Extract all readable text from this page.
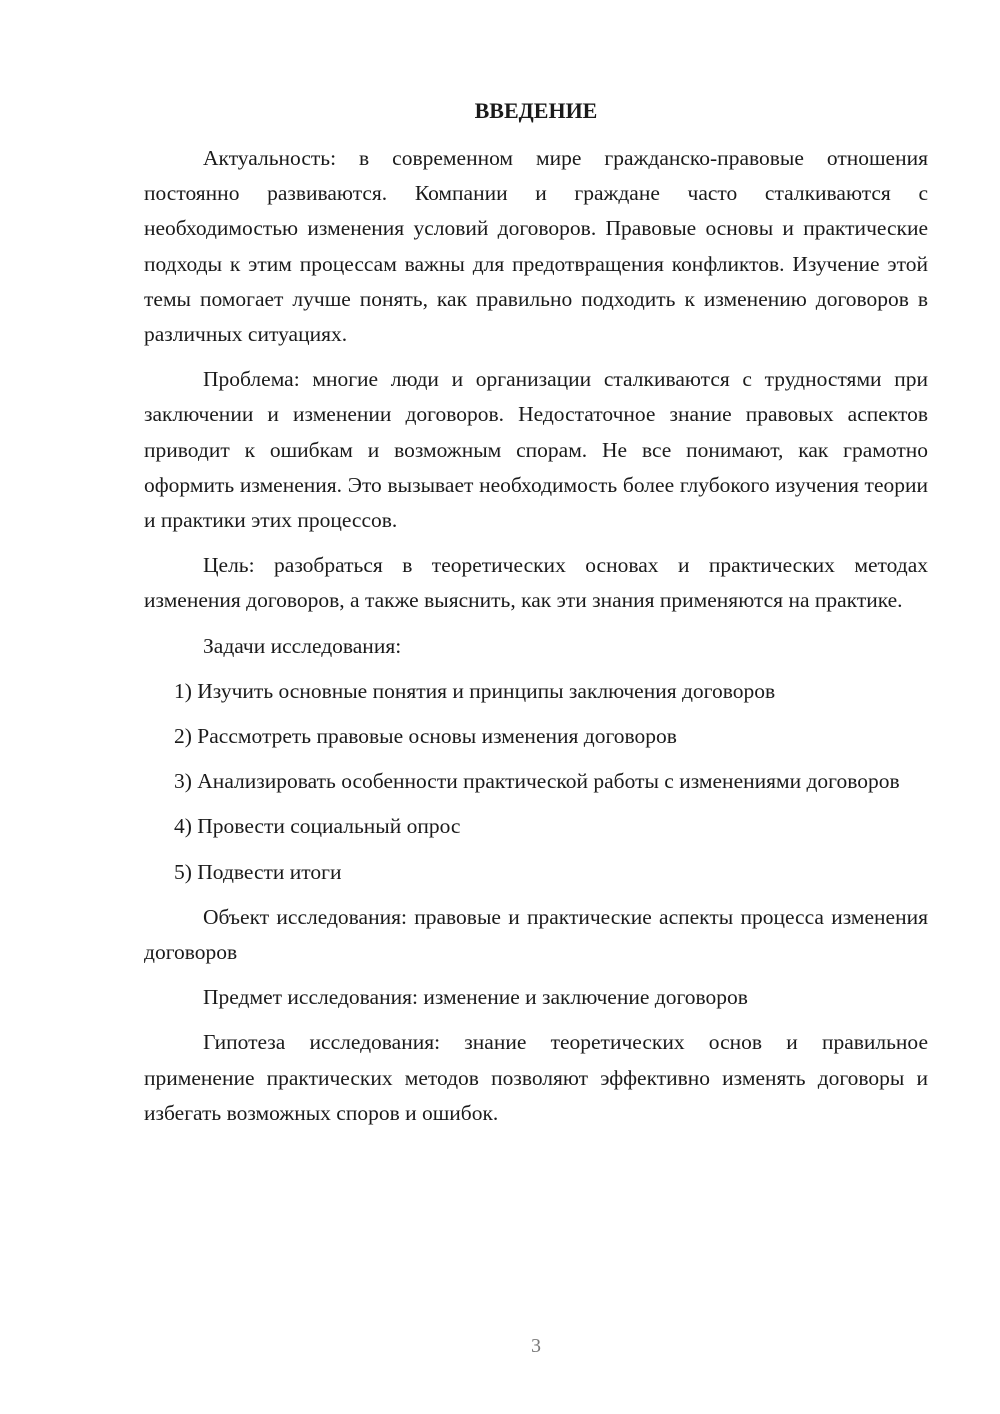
ВВЕДЕНИЕ

Актуальность: в современном мире гражданско-правовые отношения постоянно развиваются. Компании и граждане часто сталкиваются с необходимостью изменения условий договоров. Правовые основы и практические подходы к этим процессам важны для предотвращения конфликтов. Изучение этой темы помогает лучше понять, как правильно подходить к изменению договоров в различных ситуациях.

Проблема: многие люди и организации сталкиваются с трудностями при заключении и изменении договоров. Недостаточное знание правовых аспектов приводит к ошибкам и возможным спорам. Не все понимают, как грамотно оформить изменения. Это вызывает необходимость более глубокого изучения теории и практики этих процессов.

Цель: разобраться в теоретических основах и практических методах изменения договоров, а также выяснить, как эти знания применяются на практике.

Задачи исследования:

1) Изучить основные понятия и принципы заключения договоров

2) Рассмотреть правовые основы изменения договоров

3) Анализировать особенности практической работы с изменениями договоров

4) Провести социальный опрос

5) Подвести итоги

Объект исследования: правовые и практические аспекты процесса изменения договоров

Предмет исследования: изменение и заключение договоров

Гипотеза исследования: знание теоретических основ и правильное применение практических методов позволяют эффективно изменять договоры и избегать возможных споров и ошибок.

3
